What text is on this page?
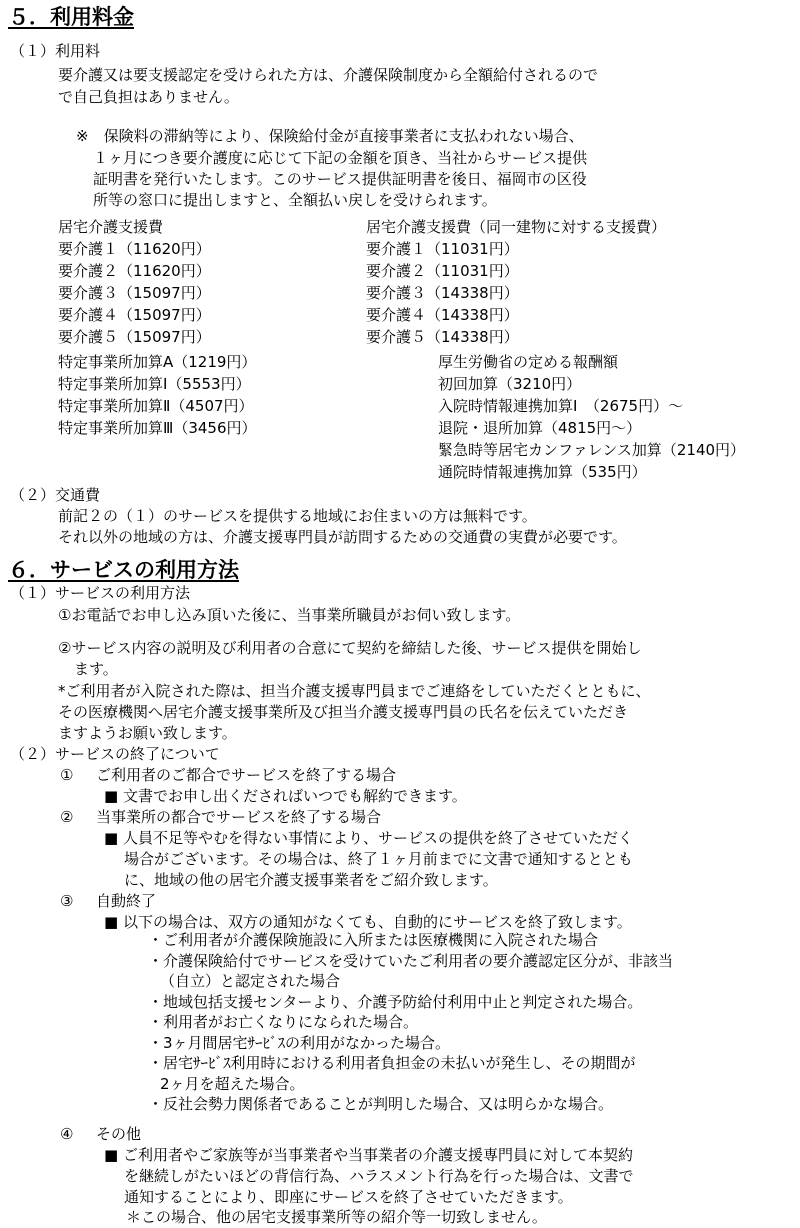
５．利用料金
（１）利用料
要介護又は要支援認定を受けられた方は、介護保険制度から全額給付されるので
で自己負担はありません。
※　保険料の滞納等により、保険給付金が直接事業者に支払われない場合、
１ヶ月につき要介護度に応じて下記の金額を頂き、当社からサービス提供
証明書を発行いたします。このサービス提供証明書を後日、福岡市の区役
所等の窓口に提出しますと、全額払い戻しを受けられます。
居宅介護支援費
要介護１（11620円）
要介護２（11620円）
要介護３（15097円）
要介護４（15097円）
要介護５（15097円）
居宅介護支援費（同一建物に対する支援費）
要介護１（11031円）
要介護２（11031円）
要介護３（14338円）
要介護４（14338円）
要介護５（14338円）
特定事業所加算A（1219円）
特定事業所加算Ⅰ（5553円）
特定事業所加算Ⅱ（4507円）
特定事業所加算Ⅲ（3456円）
厚生労働省の定める報酬額
初回加算（3210円）
入院時情報連携加算Ⅰ　（2675円）～
退院・退所加算（4815円～）
緊急時等居宅カンファレンス加算（2140円）
通院時情報連携加算（535円）
（２）交通費
前記２の（１）のサービスを提供する地域にお住まいの方は無料です。
それ以外の地域の方は、介護支援専門員が訪問するための交通費の実費が必要です。
６．サービスの利用方法
（１）サービスの利用方法
①お電話でお申し込み頂いた後に、当事業所職員がお伺い致します。
②サービス内容の説明及び利用者の合意にて契約を締結した後、サービス提供を開始し
ます。
*ご利用者が入院された際は、担当介護支援専門員までご連絡をしていただくとともに、
その医療機関へ居宅介護支援事業所及び担当介護支援専門員の氏名を伝えていただき
ますようお願い致します。
（２）サービスの終了について
① ご利用者のご都合でサービスを終了する場合
■ 文書でお申し出くださればいつでも解約できます。
② 当事業所の都合でサービスを終了する場合
■ 人員不足等やむを得ない事情により、サービスの提供を終了させていただく
場合がございます。その場合は、終了１ヶ月前までに文書で通知するととも
に、地域の他の居宅介護支援事業者をご紹介致します。
③ 自動終了
■ 以下の場合は、双方の通知がなくても、自動的にサービスを終了致します。
・ご利用者が介護保険施設に入所または医療機関に入院された場合
・介護保険給付でサービスを受けていたご利用者の要介護認定区分が、非該当
（自立）と認定された場合
・地域包括支援センターより、介護予防給付利用中止と判定された場合。
・利用者がお亡くなりになられた場合。
・3ヶ月間居宅ｻｰﾋﾞｽの利用がなかった場合。
・居宅ｻｰﾋﾞｽ利用時における利用者負担金の未払いが発生し、その期間が
2ヶ月を超えた場合。
・反社会勢力関係者であることが判明した場合、又は明らかな場合。
④ その他
■ ご利用者やご家族等が当事業者や当事業者の介護支援専門員に対して本契約
を継続しがたいほどの背信行為、ハラスメント行為を行った場合は、文書で
通知することにより、即座にサービスを終了させていただきます。
＊この場合、他の居宅支援事業所等の紹介等一切致しません。
